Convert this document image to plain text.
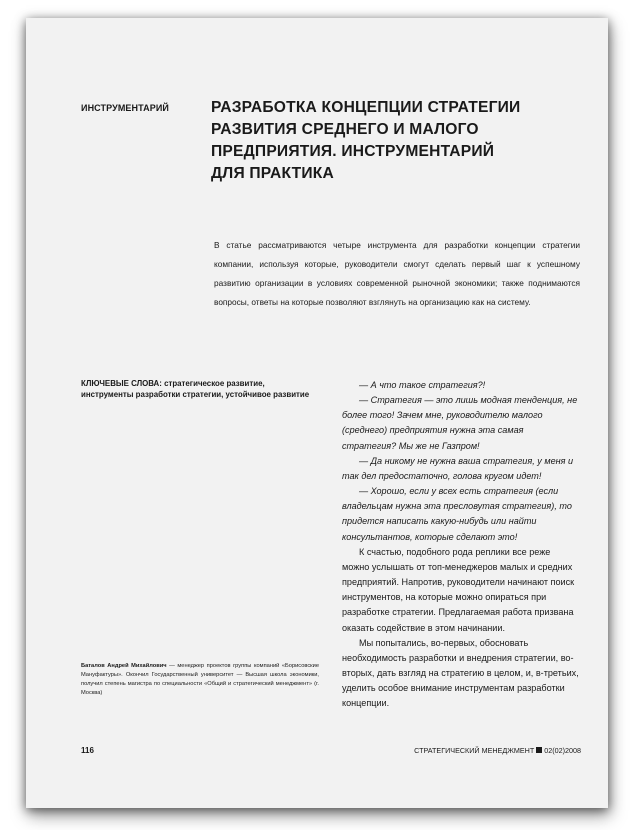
ИНСТРУМЕНТАРИЙ	РАЗРАБОТКА КОНЦЕПЦИИ СТРАТЕГИИ
РАЗВИТИЯ СРЕДНЕГО И МАЛОГО
ПРЕДПРИЯТИЯ. ИНСТРУМЕНТАРИЙ
ДЛЯ ПРАКТИКА

В статье рассматриваются четыре инструмента для разработки концепции стратегии компании, используя которые, руководители смогут сделать первый шаг к успешному развитию организации в условиях современной рыночной экономики; также поднимаются вопросы, ответы на которые позволяют взглянуть на организацию как на систему.

КЛЮЧЕВЫЕ СЛОВА: стратегическое развитие, инструменты разработки стратегии, устойчивое развитие

— А что такое стратегия?!

— Стратегия — это лишь модная тенденция, не более того! Зачем мне, руководителю малого (среднего) предприятия нужна эта самая стратегия? Мы же не Газпром!

— Да никому не нужна ваша стратегия, у меня и так дел предостаточно, голова кругом идет!

— Хорошо, если у всех есть стратегия (если владельцам нужна эта пресловутая стратегия), то придется написать какую-нибудь или найти консультантов, которые сделают это!

К счастью, подобного рода реплики все реже можно услышать от топ-менеджеров малых и средних предприятий. Напротив, руководители начинают поиск инструментов, на которые можно опираться при разработке стратегии. Предлагаемая работа призвана оказать содействие в этом начинании.

Мы попытались, во-первых, обосновать необходимость разработки и внедрения стратегии, во-вторых, дать взгляд на стратегию в целом, и, в-третьих, уделить особое внимание инструментам разработки концепции.

Баталов Андрей Михайлович — менеджер проектов группы компаний «Борисовские Мануфактуры». Окончил Государственный университет — Высшая школа экономики, получил степень магистра по специальности «Общий и стратегический менеджмент» (г. Москва)

116	СТРАТЕГИЧЕСКИЙ МЕНЕДЖМЕНТ 02(02)2008
